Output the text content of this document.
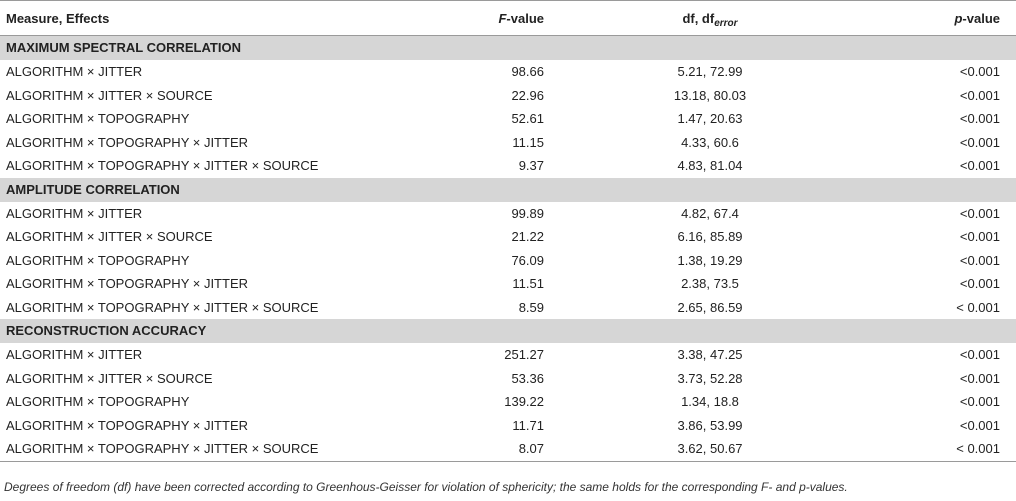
Measure, Effects	F-value	df, $df_{error}$	p-value
MAXIMUM SPECTRAL CORRELATION
ALGORITHM × JITTER	98.66	5.21, 72.99	<0.001
ALGORITHM × JITTER × SOURCE	22.96	13.18, 80.03	<0.001
ALGORITHM × TOPOGRAPHY	52.61	1.47, 20.63	<0.001
ALGORITHM × TOPOGRAPHY × JITTER	11.15	4.33, 60.6	<0.001
ALGORITHM × TOPOGRAPHY × JITTER × SOURCE	9.37	4.83, 81.04	<0.001
AMPLITUDE CORRELATION
ALGORITHM × JITTER	99.89	4.82, 67.4	<0.001
ALGORITHM × JITTER × SOURCE	21.22	6.16, 85.89	<0.001
ALGORITHM × TOPOGRAPHY	76.09	1.38, 19.29	<0.001
ALGORITHM × TOPOGRAPHY × JITTER	11.51	2.38, 73.5	<0.001
ALGORITHM × TOPOGRAPHY × JITTER × SOURCE	8.59	2.65, 86.59	< 0.001
RECONSTRUCTION ACCURACY
ALGORITHM × JITTER	251.27	3.38, 47.25	<0.001
ALGORITHM × JITTER × SOURCE	53.36	3.73, 52.28	<0.001
ALGORITHM × TOPOGRAPHY	139.22	1.34, 18.8	<0.001
ALGORITHM × TOPOGRAPHY × JITTER	11.71	3.86, 53.99	<0.001
ALGORITHM × TOPOGRAPHY × JITTER × SOURCE	8.07	3.62, 50.67	< 0.001
Degrees of freedom (df) have been corrected according to Greenhous-Geisser for violation of sphericity; the same holds for the corresponding F- and p-values.
